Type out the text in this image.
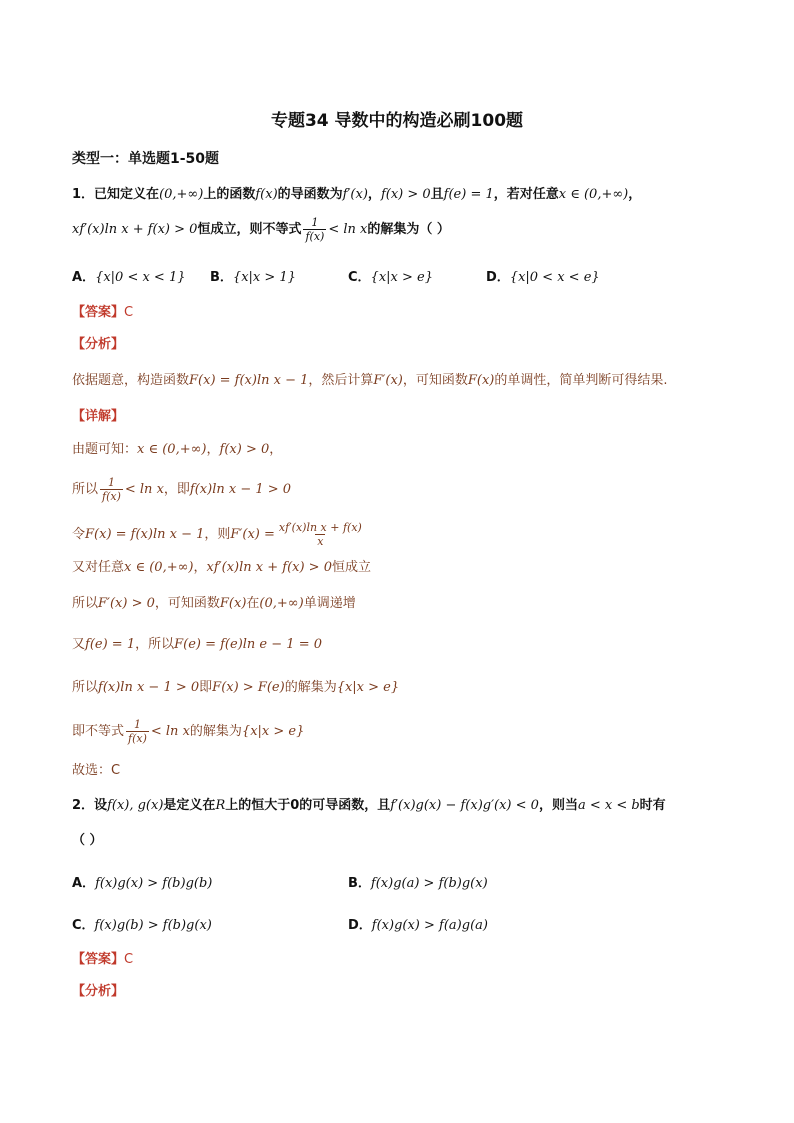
专题34 导数中的构造必刷100题
类型一：单选题1-50题
1．已知定义在(0,+∞)上的函数f(x)的导函数为f′(x)，f(x) > 0且f(e) = 1，若对任意x ∈ (0,+∞)，
xf′(x)ln x + f(x) > 0恒成立，则不等式 $\frac{1}{f(x)} < \ln x$的解集为（ ）
A．{x|0 < x < 1} B．{x|x > 1}	C．{x|x > e}	D．{x|0 < x < e}
【答案】C
【分析】
依据题意，构造函数F(x) = f(x)ln x − 1，然后计算F′(x)，可知函数F(x)的单调性，简单判断可得结果.
【详解】
由题可知：x ∈ (0,+∞)，f(x) > 0，
所以 $\frac{1}{f(x)} < \ln x$，即f(x)ln x − 1 > 0
令F(x) = f(x)ln x − 1，则$F'(x) = \frac{\text{xf′(x)ln x + f(x)}}{x}$
又对任意x ∈ (0,+∞)，xf′(x)ln x + f(x) > 0恒成立
所以F′(x) > 0，可知函数F(x)在(0,+∞)单调递增
又f(e) = 1，所以F(e) = f(e)ln e − 1 = 0
所以f(x)ln x − 1 > 0即F(x) > F(e)的解集为{x|x > e}
即不等式 $\frac{1}{f(x)} < \ln x$的解集为{x|x > e}
故选：C
2．设f(x), g(x)是定义在R上的恒大于0的可导函数，且f′(x)g(x) − f(x)g′(x) < 0，则当a < x < b时有
（ ）
A．f(x)g(x) > f(b)g(b)	B．f(x)g(a) > f(b)g(x)
C．f(x)g(b) > f(b)g(x)	D．f(x)g(x) > f(a)g(a)
【答案】C
【分析】
